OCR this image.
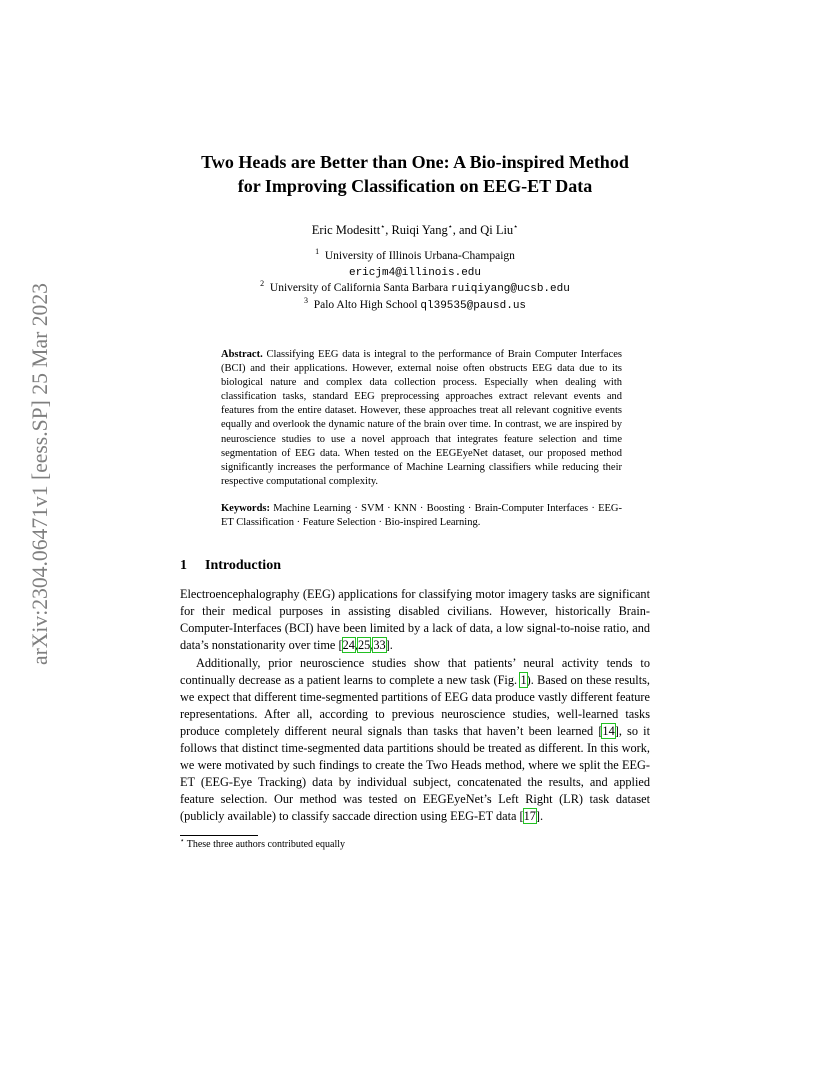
arXiv:2304.06471v1 [eess.SP] 25 Mar 2023
Two Heads are Better than One: A Bio-inspired Method
for Improving Classification on EEG-ET Data
Eric Modesitt⋆, Ruiqi Yang⋆, and Qi Liu⋆
$^1$ University of Illinois Urbana-Champaign
ericjm4@illinois.edu
$^2$ University of California Santa Barbara ruiqiyang@ucsb.edu
$^3$ Palo Alto High School ql39535@pausd.us
Abstract. Classifying EEG data is integral to the performance of Brain Computer Interfaces (BCI) and their applications. However, external noise often obstructs EEG data due to its biological nature and complex data collection process. Especially when dealing with classification tasks, standard EEG preprocessing approaches extract relevant events and features from the entire dataset. However, these approaches treat all relevant cognitive events equally and overlook the dynamic nature of the brain over time. In contrast, we are inspired by neuroscience studies to use a novel approach that integrates feature selection and time segmentation of EEG data. When tested on the EEGEyeNet dataset, our proposed method significantly increases the performance of Machine Learning classifiers while reducing their respective computational complexity.
Keywords: Machine Learning · SVM · KNN · Boosting · Brain-Computer Interfaces · EEG-ET Classification · Feature Selection · Bio-inspired Learning.
1 Introduction

Electroencephalography (EEG) applications for classifying motor imagery tasks are significant for their medical purposes in assisting disabled civilians. However, historically Brain-Computer-Interfaces (BCI) have been limited by a lack of data, a low signal-to-noise ratio, and data’s nonstationarity over time [24,25,33].

Additionally, prior neuroscience studies show that patients’ neural activity tends to continually decrease as a patient learns to complete a new task (Fig. 1). Based on these results, we expect that different time-segmented partitions of EEG data produce vastly different feature representations. After all, according to previous neuroscience studies, well-learned tasks produce completely different neural signals than tasks that haven’t been learned [14], so it follows that distinct time-segmented data partitions should be treated as different. In this work, we were motivated by such findings to create the Two Heads method, where we split the EEG-ET (EEG-Eye Tracking) data by individual subject, concatenated the results, and applied feature selection. Our method was tested on EEGEyeNet’s Left Right (LR) task dataset (publicly available) to classify saccade direction using EEG-ET data [17].

⋆ These three authors contributed equally
